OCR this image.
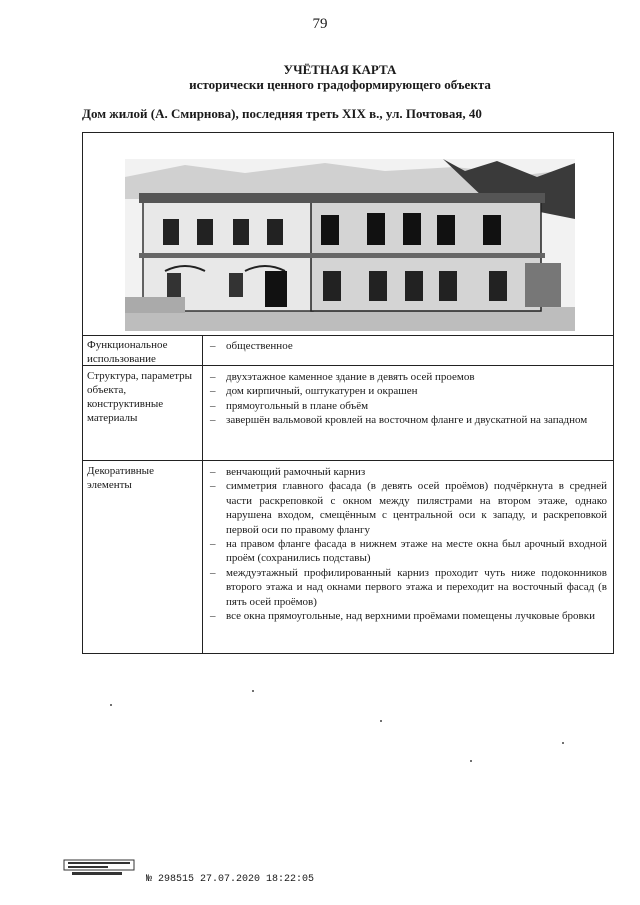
79
УЧЁТНАЯ КАРТА
исторически ценного градоформирующего объекта
Дом жилой (А. Смирнова), последняя треть XIX в., ул. Почтовая, 40
Функциональное использование
– общественное
Структура, параметры объекта, конструктивные материалы
– двухэтажное каменное здание в девять осей проемов
– дом кирпичный, оштукатурен и окрашен
– прямоугольный в плане объём
– завершён вальмовой кровлей на восточном фланге и двускатной на западном
Декоративные элементы
– венчающий рамочный карниз
– симметрия главного фасада (в девять осей проёмов) подчёркнута в средней части раскреповкой с окном между пилястрами на втором этаже, однако нарушена входом, смещённым с центральной оси к западу, и раскреповкой первой оси по правому флангу
– на правом фланге фасада в нижнем этаже на месте окна был арочный входной проём (сохранились подставы)
– междуэтажный профилированный карниз проходит чуть ниже подоконников второго этажа и над окнами первого этажа и переходит на восточный фасад (в пять осей проёмов)
– все окна прямоугольные, над верхними проёмами помещены лучковые бровки
№ 298515 27.07.2020 18:22:05
